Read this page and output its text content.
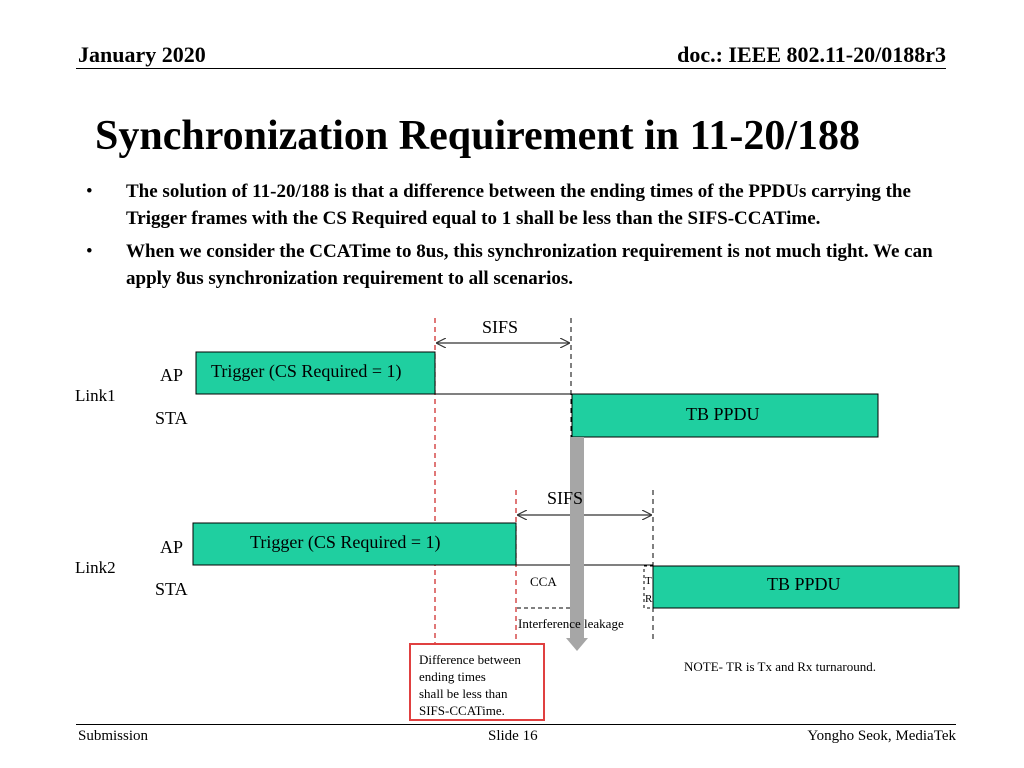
January 2020	doc.: IEEE 802.11-20/0188r3
Synchronization Requirement in 11-20/188
• The solution of 11-20/188 is that a difference between the ending times of the PPDUs carrying the Trigger frames with the CS Required equal to 1 shall be less than the SIFS-CCATime.
• When we consider the CCATime to 8us, this synchronization requirement is not much tight. We can apply 8us synchronization requirement to all scenarios.
SIFS
AP Trigger (CS Required = 1)
Link1
STA	TB PPDU
SIFS
AP	Trigger (CS Required = 1)
Link2
STA	CCA	T
R
TB PPDU
Interference leakage
NOTE- TR is Tx and Rx turnaround.
Difference between
ending times
shall be less than
SIFS-CCATime.
Submission	Slide 16	Yongho Seok, MediaTek
